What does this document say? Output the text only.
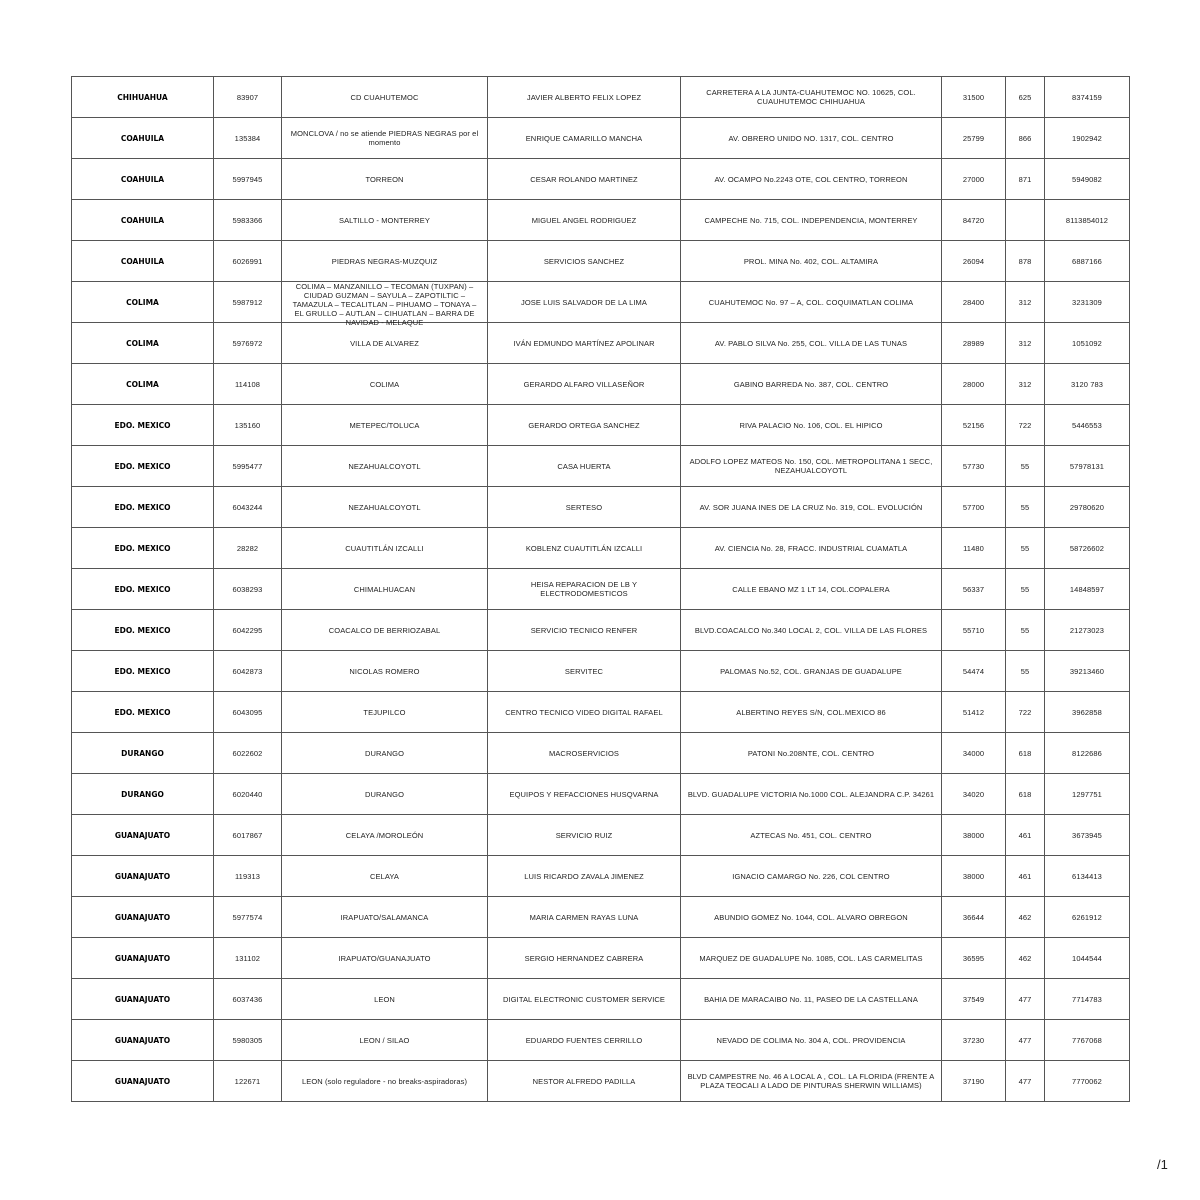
CHIHUAHUA	83907	CD CUAHUTEMOC	JAVIER ALBERTO FELIX LOPEZ	CARRETERA A LA JUNTA-CUAHUTEMOC NO. 10625, COL. CUAUHUTEMOC CHIHUAHUA	31500	625	8374159

COAHUILA	135384	MONCLOVA / no se atiende PIEDRAS NEGRAS por el momento	ENRIQUE CAMARILLO MANCHA	AV. OBRERO UNIDO NO. 1317, COL. CENTRO	25799	866	1902942

COAHUILA	5997945	TORREON	CESAR ROLANDO MARTINEZ	AV. OCAMPO No.2243 OTE, COL CENTRO, TORREON	27000	871	5949082

COAHUILA	5983366	SALTILLO - MONTERREY	MIGUEL ANGEL RODRIGUEZ	CAMPECHE No. 715, COL. INDEPENDENCIA, MONTERREY	84720		8113854012

COAHUILA	6026991	PIEDRAS NEGRAS-MUZQUIZ	SERVICIOS SANCHEZ	PROL. MINA No. 402, COL. ALTAMIRA	26094	878	6887166

COLIMA	5987912	COLIMA – MANZANILLO – TECOMAN (TUXPAN) – CIUDAD GUZMAN – SAYULA – ZAPOTILTIC – TAMAZULA – TECALITLAN – PIHUAMO – TONAYA – EL GRULLO – AUTLAN – CIHUATLAN – BARRA DE NAVIDAD - MELAQUE	JOSE LUIS SALVADOR DE LA LIMA	CUAHUTEMOC No. 97 – A, COL. COQUIMATLAN COLIMA	28400	312	3231309

COLIMA	5976972	VILLA DE ALVAREZ	IVÁN EDMUNDO MARTÍNEZ APOLINAR	AV. PABLO SILVA No. 255, COL. VILLA DE LAS TUNAS	28989	312	1051092

COLIMA	114108	COLIMA	GERARDO ALFARO VILLASEÑOR	GABINO BARREDA No. 387, COL. CENTRO	28000	312	3120 783

EDO. MEXICO	135160	METEPEC/TOLUCA	GERARDO ORTEGA SANCHEZ	RIVA PALACIO No. 106, COL. EL HIPICO	52156	722	5446553

EDO. MEXICO	5995477	NEZAHUALCOYOTL	CASA HUERTA	ADOLFO LOPEZ MATEOS No. 150, COL. METROPOLITANA 1 SECC, NEZAHUALCOYOTL	57730	55	57978131

EDO. MEXICO	6043244	NEZAHUALCOYOTL	SERTESO	AV. SOR JUANA INES DE LA CRUZ No. 319, COL. EVOLUCIÓN	57700	55	29780620

EDO. MEXICO	28282	CUAUTITLÁN IZCALLI	KOBLENZ CUAUTITLÁN IZCALLI	AV. CIENCIA No. 28, FRACC. INDUSTRIAL CUAMATLA	11480	55	58726602

EDO. MEXICO	6038293	CHIMALHUACAN	HEISA REPARACION DE LB Y ELECTRODOMESTICOS	CALLE EBANO MZ 1 LT 14, COL.COPALERA	56337	55	14848597

EDO. MEXICO	6042295	COACALCO DE BERRIOZABAL	SERVICIO TECNICO RENFER	BLVD.COACALCO No.340 LOCAL 2, COL. VILLA DE LAS FLORES	55710	55	21273023

EDO. MEXICO	6042873	NICOLAS ROMERO	SERVITEC	PALOMAS No.52, COL. GRANJAS DE GUADALUPE	54474	55	39213460

EDO. MEXICO	6043095	TEJUPILCO	CENTRO TECNICO VIDEO DIGITAL RAFAEL	ALBERTINO REYES S/N, COL.MEXICO 86	51412	722	3962858

DURANGO	6022602	DURANGO	MACROSERVICIOS	PATONI No.208NTE, COL. CENTRO	34000	618	8122686

DURANGO	6020440	DURANGO	EQUIPOS Y REFACCIONES HUSQVARNA	BLVD. GUADALUPE VICTORIA No.1000 COL. ALEJANDRA C.P. 34261	34020	618	1297751

GUANAJUATO	6017867	CELAYA /MOROLEÓN	SERVICIO RUIZ	AZTECAS No. 451, COL. CENTRO	38000	461	3673945

GUANAJUATO	119313	CELAYA	LUIS RICARDO ZAVALA JIMENEZ	IGNACIO CAMARGO No. 226, COL CENTRO	38000	461	6134413

GUANAJUATO	5977574	IRAPUATO/SALAMANCA	MARIA CARMEN RAYAS LUNA	ABUNDIO GOMEZ No. 1044, COL. ALVARO OBREGON	36644	462	6261912

GUANAJUATO	131102	IRAPUATO/GUANAJUATO	SERGIO HERNANDEZ CABRERA	MARQUEZ DE GUADALUPE No. 1085, COL. LAS CARMELITAS	36595	462	1044544

GUANAJUATO	6037436	LEON	DIGITAL ELECTRONIC CUSTOMER SERVICE	BAHIA DE MARACAIBO No. 11, PASEO DE LA CASTELLANA	37549	477	7714783

GUANAJUATO	5980305	LEON / SILAO	EDUARDO FUENTES CERRILLO	NEVADO DE COLIMA No. 304 A, COL. PROVIDENCIA	37230	477	7767068

GUANAJUATO	122671	LEON (solo reguladore - no breaks-aspiradoras)	NESTOR ALFREDO PADILLA	BLVD CAMPESTRE No. 46 A LOCAL A , COL. LA FLORIDA (FRENTE A PLAZA TEOCALI A LADO DE PINTURAS SHERWIN WILLIAMS)	37190	477	7770062
/1
